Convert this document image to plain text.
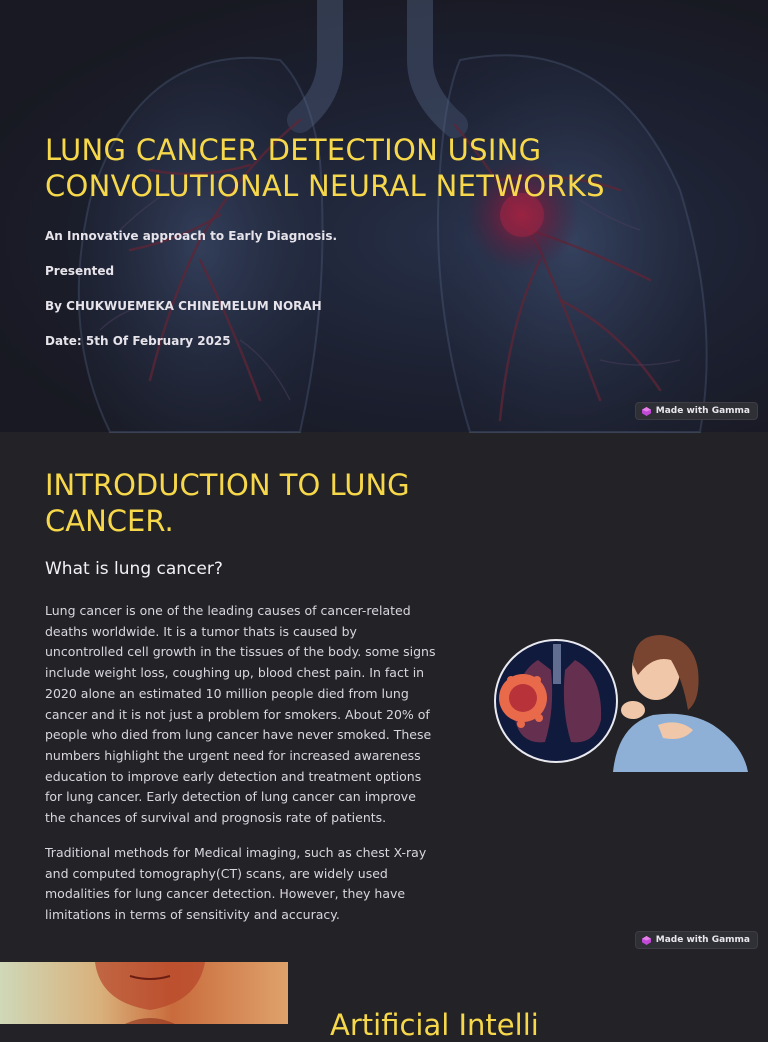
LUNG CANCER DETECTION USING CONVOLUTIONAL NEURAL NETWORKS

An Innovative approach to Early Diagnosis.

Presented

By CHUKWUEMEKA CHINEMELUM NORAH

Date: 5th Of February 2025

Made with Gamma
INTRODUCTION TO LUNG CANCER.
What is lung cancer?

Lung cancer is one of the leading causes of cancer-related deaths worldwide. It is a tumor thats is caused by uncontrolled cell growth in the tissues of the body. some signs include weight loss, coughing up, blood chest pain. In fact in 2020 alone an estimated 10 million people died from lung cancer and it is not just a problem for smokers. About 20% of people who died from lung cancer have never smoked. These numbers highlight the urgent need for increased awareness education to improve early detection and treatment options for lung cancer. Early detection of lung cancer can improve the chances of survival and prognosis rate of patients.

Traditional methods for Medical imaging, such as chest X-ray and computed tomography(CT) scans, are widely used modalities for lung cancer detection. However, they have limitations in terms of sensitivity and accuracy.

Made with Gamma
Artificial Intelli
